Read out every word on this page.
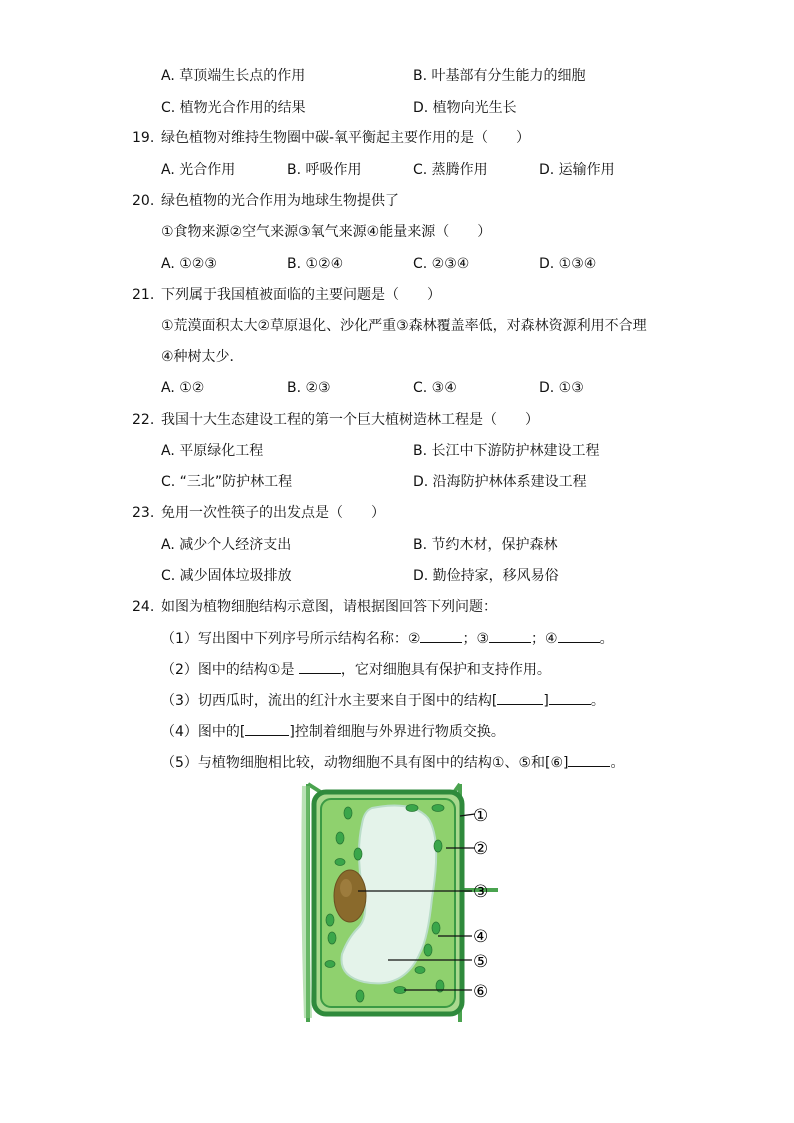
A. 草顶端生长点的作用	B. 叶基部有分生能力的细胞
C. 植物光合作用的结果	D. 植物向光生长
19. 绿色植物对维持生物圈中碳-氧平衡起主要作用的是（　　）
A. 光合作用	B. 呼吸作用	C. 蒸腾作用	D. 运输作用
20. 绿色植物的光合作用为地球生物提供了
①食物来源②空气来源③氧气来源④能量来源（　　）
A. ①②③	B. ①②④	C. ②③④	D. ①③④
21. 下列属于我国植被面临的主要问题是（　　）
①荒漠面积太大②草原退化、沙化严重③森林覆盖率低，对森林资源利用不合理
④种树太少．
A. ①②	B. ②③	C. ③④	D. ①③
22. 我国十大生态建设工程的第一个巨大植树造林工程是（　　）
A. 平原绿化工程	B. 长江中下游防护林建设工程
C. “三北”防护林工程	D. 沿海防护林体系建设工程
23. 免用一次性筷子的出发点是（　　）
A. 减少个人经济支出	B. 节约木材，保护森林
C. 减少固体垃圾排放	D. 勤俭持家，移风易俗
24. 如图为植物细胞结构示意图，请根据图回答下列问题：
（1）写出图中下列序号所示结构名称：②	；③	；④	。
（2）图中的结构①是	，它对细胞具有保护和支持作用。
（3）切西瓜时，流出的红汁水主要来自于图中的结构[	]	。
（4）图中的[	]控制着细胞与外界进行物质交换。
（5）与植物细胞相比较，动物细胞不具有图中的结构①、⑤和[⑥]	。
①
②
③
④
⑤
⑥
